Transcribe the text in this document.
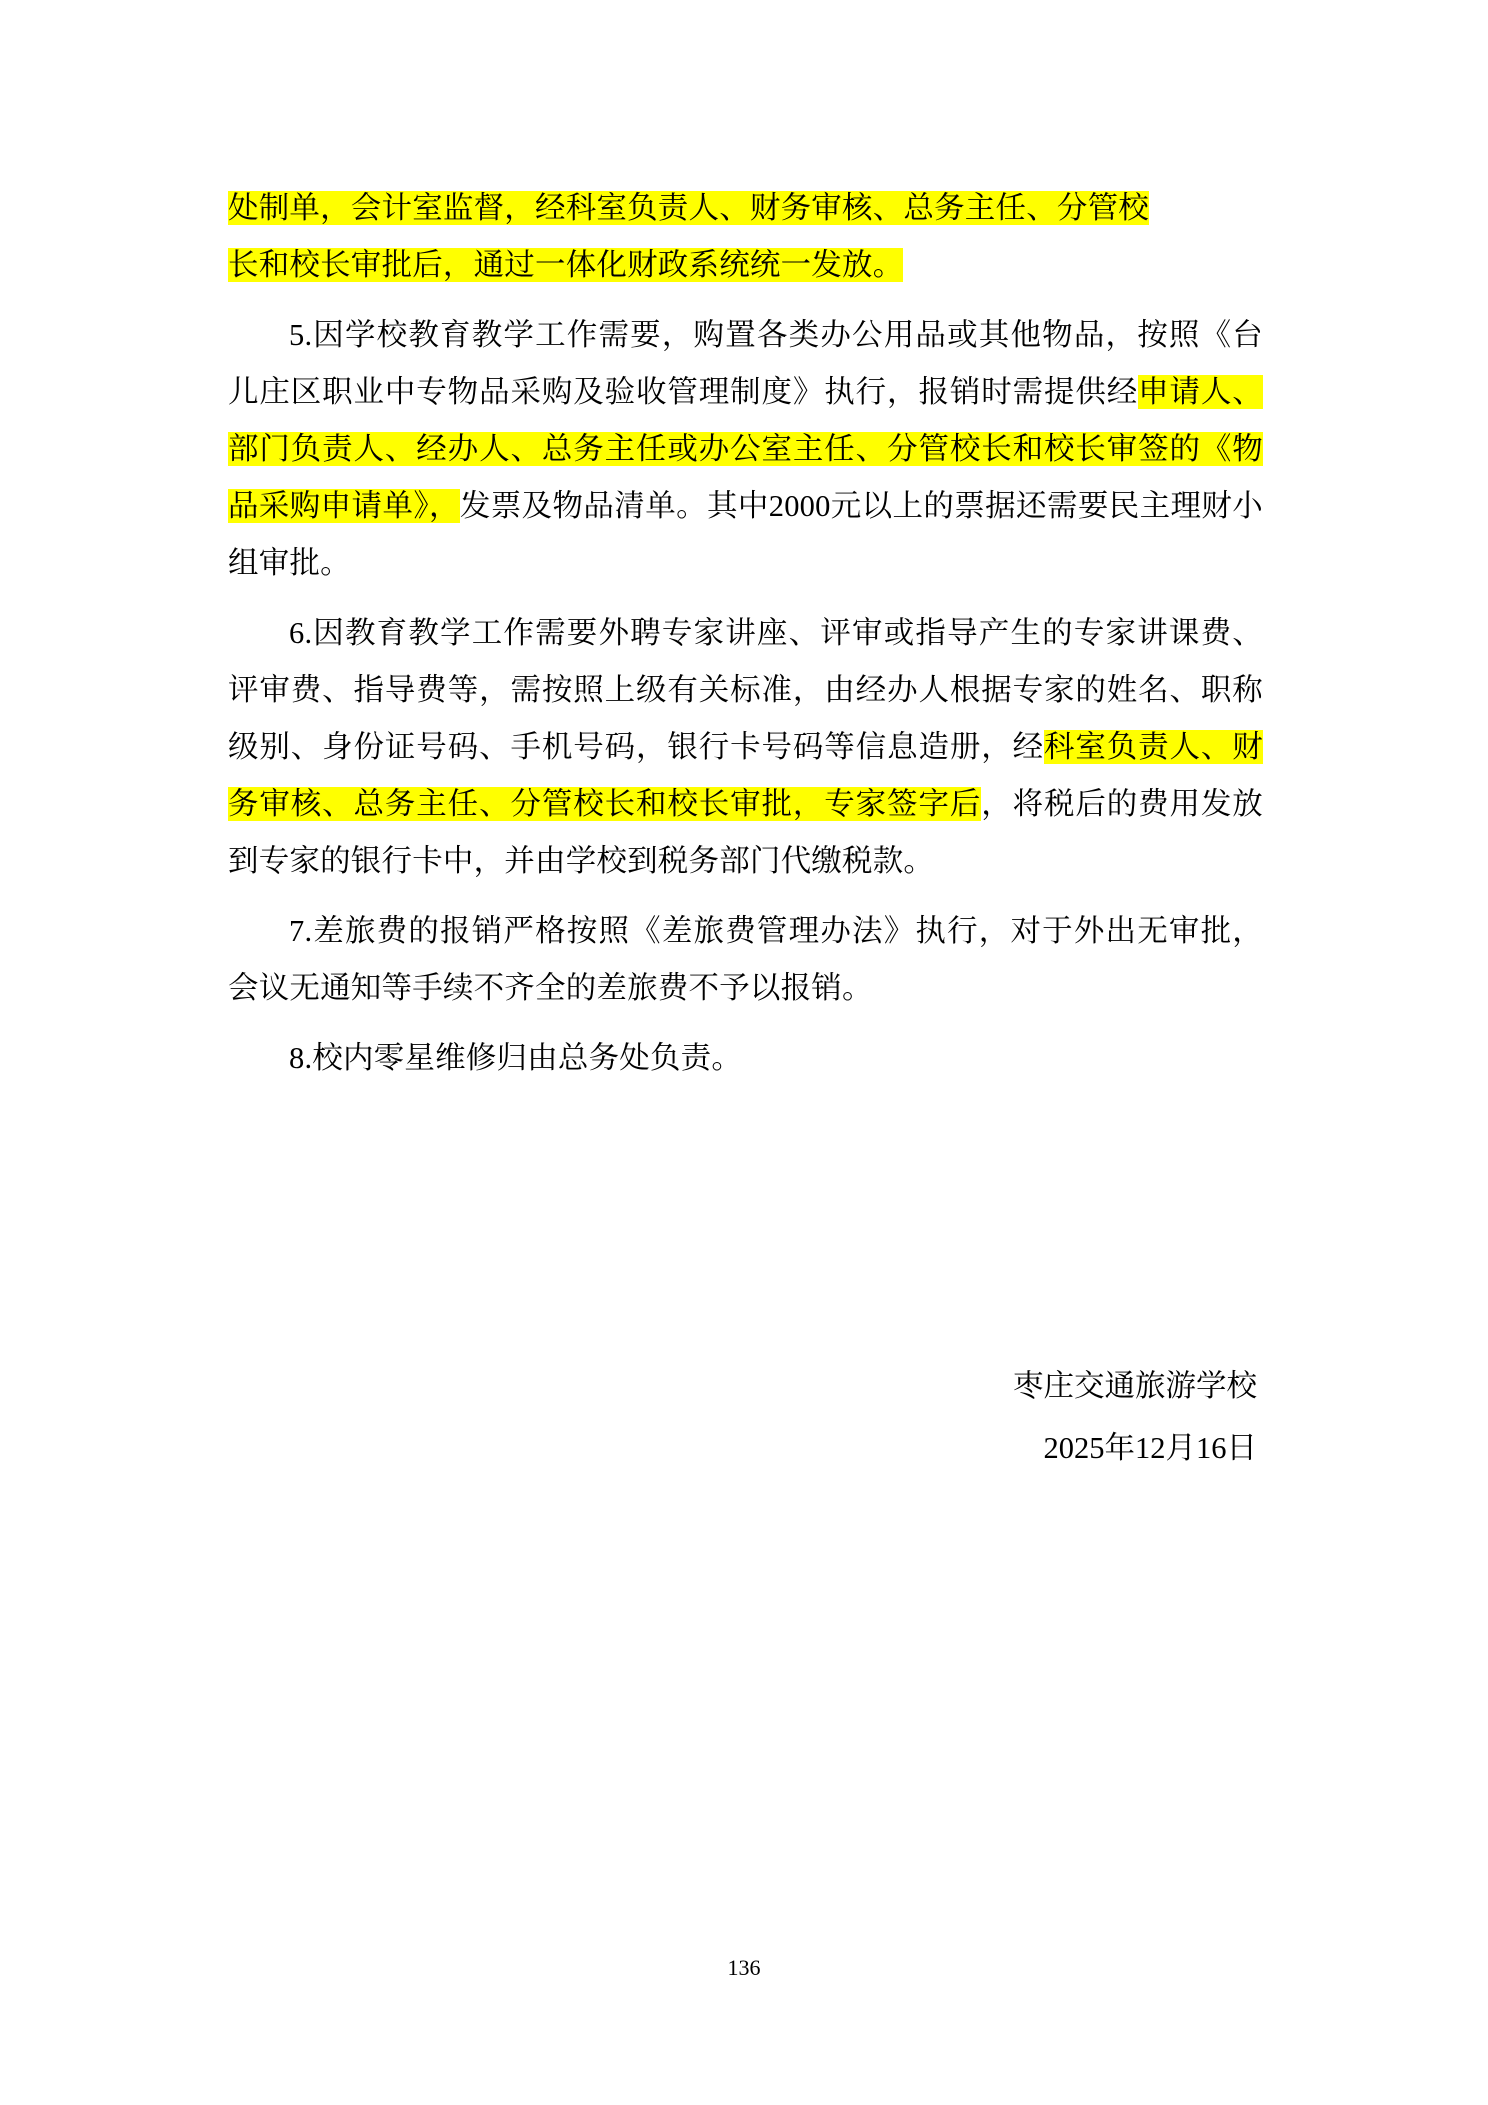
处制单，会计室监督，经科室负责人、财务审核、总务主任、分管校
长和校长审批后，通过一体化财政系统统一发放。

5.因学校教育教学工作需要，购置各类办公用品或其他物品，按照《台儿庄区职业中专物品采购及验收管理制度》执行，报销时需提供经申请人、部门负责人、经办人、总务主任或办公室主任、分管校长和校长审签的《物品采购申请单》，发票及物品清单。其中2000元以上的票据还需要民主理财小组审批。

6.因教育教学工作需要外聘专家讲座、评审或指导产生的专家讲课费、评审费、指导费等，需按照上级有关标准，由经办人根据专家的姓名、职称级别、身份证号码、手机号码，银行卡号码等信息造册，经科室负责人、财务审核、总务主任、分管校长和校长审批，专家签字后，将税后的费用发放到专家的银行卡中，并由学校到税务部门代缴税款。

7.差旅费的报销严格按照《差旅费管理办法》执行，对于外出无审批，会议无通知等手续不齐全的差旅费不予以报销。

8.校内零星维修归由总务处负责。

枣庄交通旅游学校
2025年12月16日
136
